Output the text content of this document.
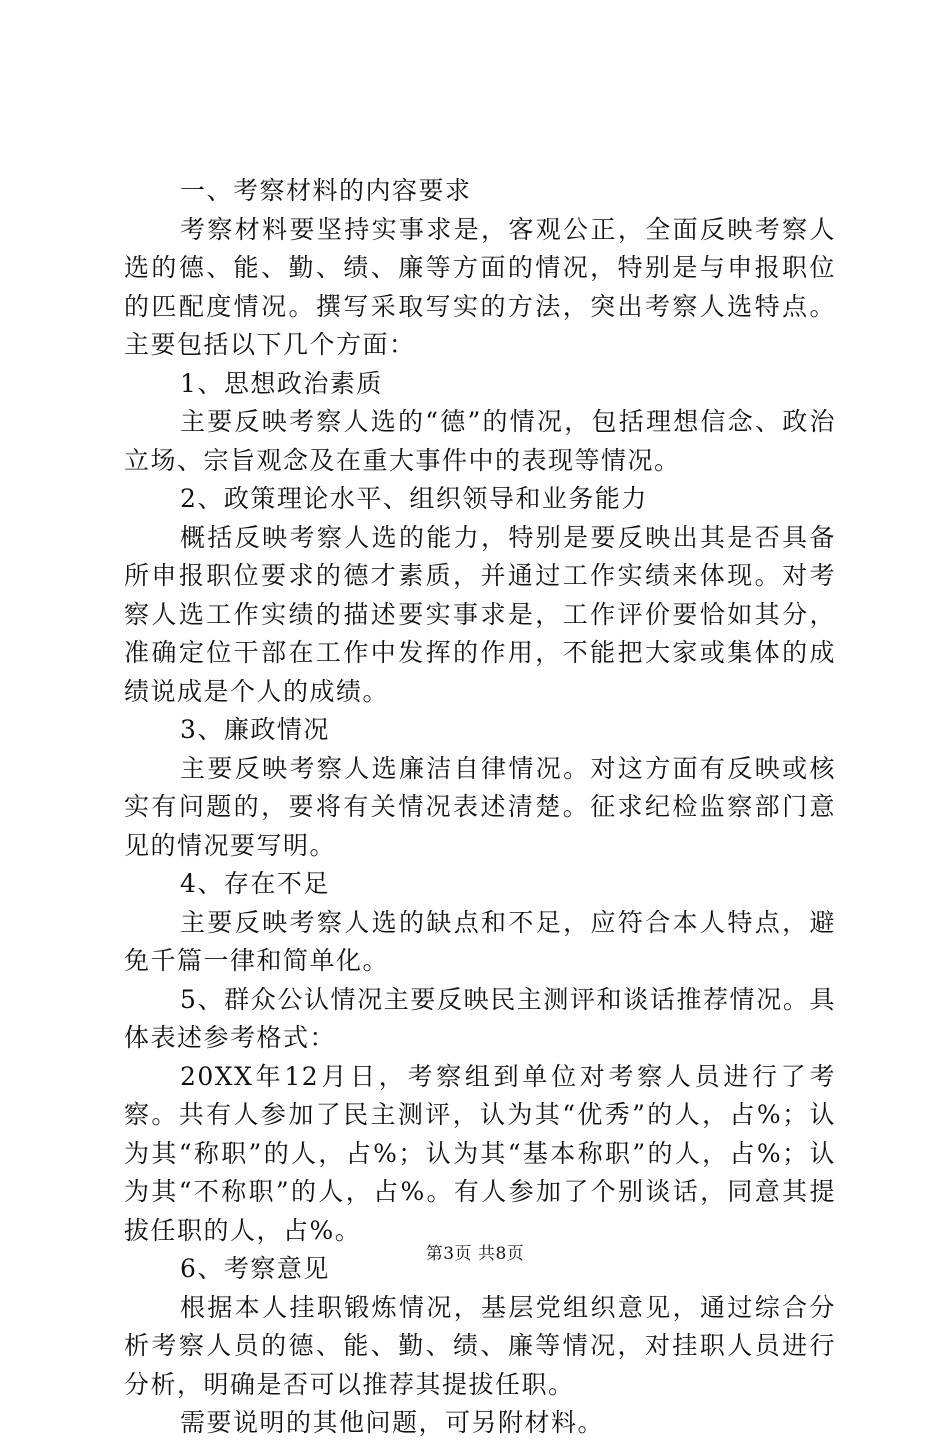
一、考察材料的内容要求

考察材料要坚持实事求是，客观公正，全面反映考察人选的德、能、勤、绩、廉等方面的情况，特别是与申报职位的匹配度情况。撰写采取写实的方法，突出考察人选特点。主要包括以下几个方面：

1、思想政治素质

主要反映考察人选的“德”的情况，包括理想信念、政治立场、宗旨观念及在重大事件中的表现等情况。

2、政策理论水平、组织领导和业务能力

概括反映考察人选的能力，特别是要反映出其是否具备所申报职位要求的德才素质，并通过工作实绩来体现。对考察人选工作实绩的描述要实事求是，工作评价要恰如其分，准确定位干部在工作中发挥的作用，不能把大家或集体的成绩说成是个人的成绩。

3、廉政情况

主要反映考察人选廉洁自律情况。对这方面有反映或核实有问题的，要将有关情况表述清楚。征求纪检监察部门意见的情况要写明。

4、存在不足

主要反映考察人选的缺点和不足，应符合本人特点，避免千篇一律和简单化。

5、群众公认情况主要反映民主测评和谈话推荐情况。具体表述参考格式：

20XX年12月日，考察组到单位对考察人员进行了考察。共有人参加了民主测评，认为其“优秀”的人，占%；认为其“称职”的人，占%；认为其“基本称职”的人，占%；认为其“不称职”的人，占%。有人参加了个别谈话，同意其提拔任职的人，占%。

6、考察意见

根据本人挂职锻炼情况，基层党组织意见，通过综合分析考察人员的德、能、勤、绩、廉等情况，对挂职人员进行分析，明确是否可以推荐其提拔任职。

需要说明的其他问题，可另附材料。

第3页 共8页
